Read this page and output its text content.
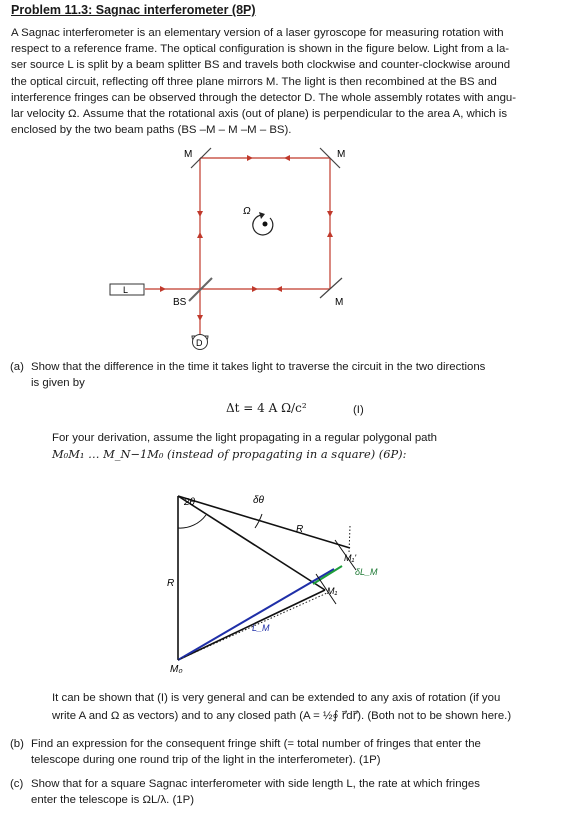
Problem 11.3: Sagnac interferometer (8P)
A Sagnac interferometer is an elementary version of a laser gyroscope for measuring rotation with
respect to a reference frame. The optical configuration is shown in the figure below. Light from a la-
ser source L is split by a beam splitter BS and travels both clockwise and counter-clockwise around
the optical circuit, reflecting off three plane mirrors M. The light is then recombined at the BS and
interference fringes can be observed through the detector D. The whole assembly rotates with angu-
lar velocity Ω. Assume that the rotational axis (out of plane) is perpendicular to the area A, which is
enclosed by the two beam paths (BS –M – M –M – BS).
L
D
M	M
M
BS
Ω
(a) Show that the difference in the time it takes light to traverse the circuit in the two directions
is given by
Δt = 4 A Ω/c²	(I)
For your derivation, assume the light propagating in a regular polygonal path
M₀M₁ … M_N−1M₀ (instead of propagating in a square) (6P):
2θ	δθ
R
R
M₁'
δL_M
M₁
L_M
M₀
It can be shown that (I) is very general and can be extended to any axis of rotation (if you
write A and Ω as vectors) and to any closed path (A = ½∮ r⃗dr⃗). (Both not to be shown here.)
(b) Find an expression for the consequent fringe shift (= total number of fringes that enter the
telescope during one round trip of the light in the interferometer). (1P)
(c) Show that for a square Sagnac interferometer with side length L, the rate at which fringes
enter the telescope is ΩL/λ. (1P)
